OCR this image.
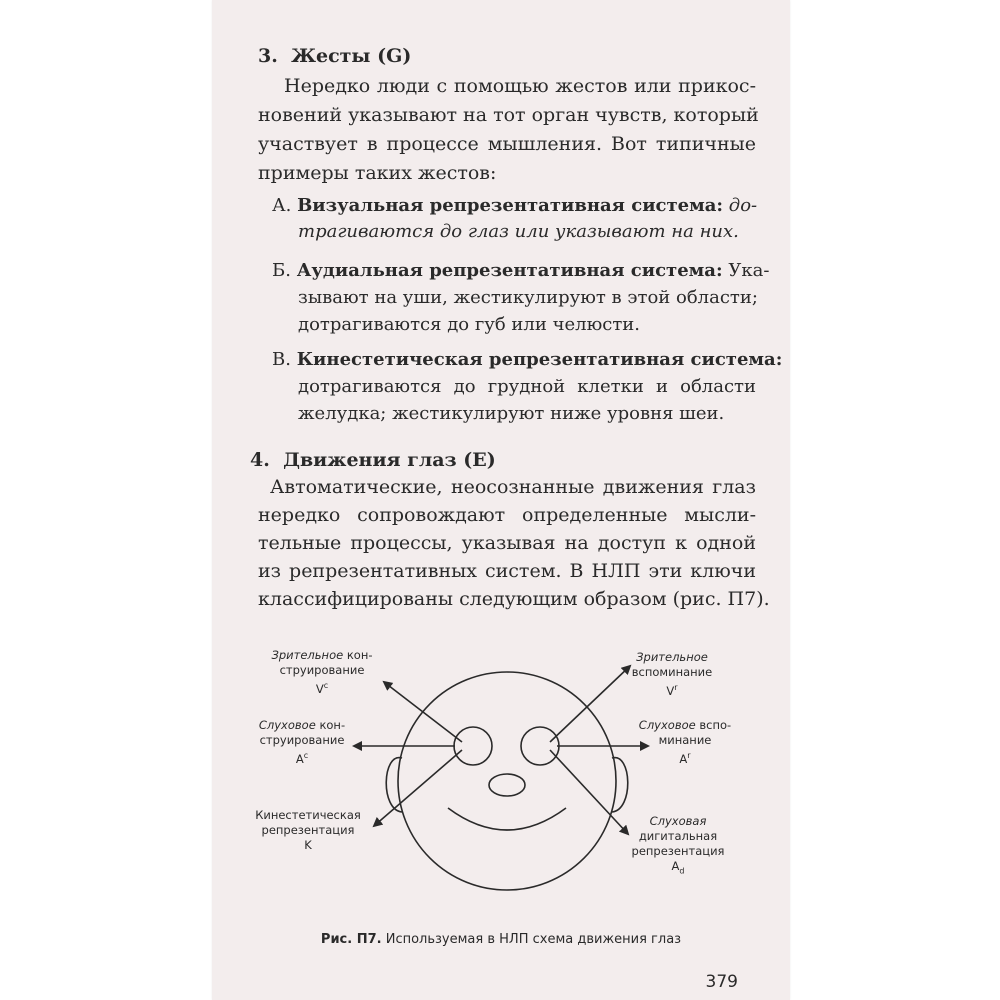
3. Жесты (G)
Нередко люди с помощью жестов или прикос-
новений указывают на тот орган чувств, который
участвует в процессе мышления. Вот типичные
примеры таких жестов:
А. Визуальная репрезентативная система: до-
трагиваются до глаз или указывают на них.
Б. Аудиальная репрезентативная система: Ука-
зывают на уши, жестикулируют в этой области;
дотрагиваются до губ или челюсти.
В. Кинестетическая репрезентативная система:
дотрагиваются до грудной клетки и области
желудка; жестикулируют ниже уровня шеи.
4. Движения глаз (E)
Автоматические, неосознанные движения глаз
нередко сопровождают определенные мысли-
тельные процессы, указывая на доступ к одной
из репрезентативных систем. В НЛП эти ключи
классифицированы следующим образом (рис. П7).
Зрительное кон-
струирование
$V^c$
Слуховое кон-
струирование
$A^c$
Кинестетическая
репрезентация
K
Зрительное
вспоминание
$V^r$
Слуховое вспо-
минание
$A^r$
Слуховая
дигитальная
репрезентация
$A_d$
Рис. П7. Используемая в НЛП схема движения глаз
379
